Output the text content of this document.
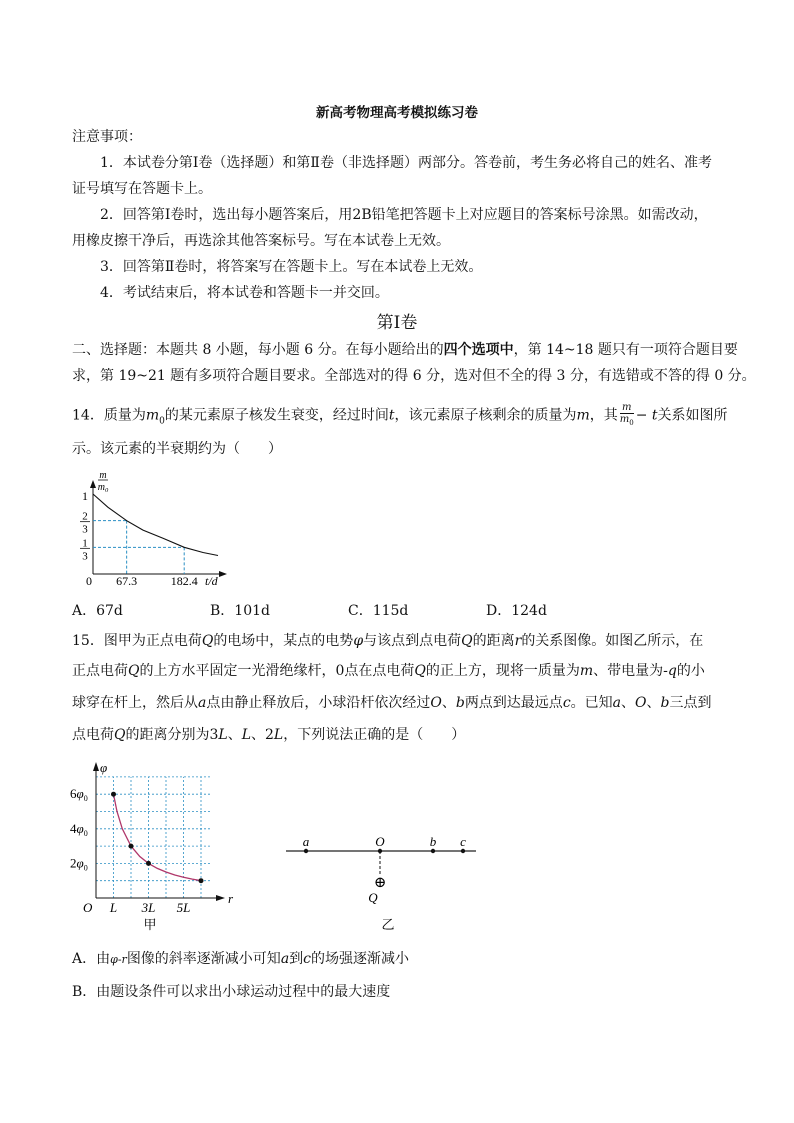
新高考物理高考模拟练习卷
注意事项：
1．本试卷分第Ⅰ卷（选择题）和第Ⅱ卷（非选择题）两部分。答卷前，考生务必将自己的姓名、准考
证号填写在答题卡上。
2．回答第Ⅰ卷时，选出每小题答案后，用2B铅笔把答题卡上对应题目的答案标号涂黑。如需改动，
用橡皮擦干净后，再选涂其他答案标号。写在本试卷上无效。
3．回答第Ⅱ卷时，将答案写在答题卡上。写在本试卷上无效。
4．考试结束后，将本试卷和答题卡一并交回。
第Ⅰ卷
二、选择题：本题共 8 小题，每小题 6 分。在每小题给出的四个选项中，第 14~18 题只有一项符合题目要
求，第 19~21 题有多项符合题目要求。全部选对的得 6 分，选对但不全的得 3 分，有选错或不答的得 0 分。
14．质量为$m_0$的某元素原子核发生衰变，经过时间t，该元素原子核剩余的质量为m，其 $\frac{m}{m_0} - t$关系如图所
示。该元素的半衰期约为（　　）
m
$m_0$
1
2
3
1
3
0 67.3	182.4 t/d
A．67d	B．101d	C．115d	D．124d
15．图甲为正点电荷Q的电场中，某点的电势φ与该点到点电荷Q的距离r的关系图像。如图乙所示，在
正点电荷Q的上方水平固定一光滑绝缘杆，0点在点电荷Q的正上方，现将一质量为m、带电量为-q的小
球穿在杆上，然后从a点由静止释放后，小球沿杆依次经过O、b两点到达最远点c。已知a、O、b三点到
点电荷Q的距离分别为3L、L、2L，下列说法正确的是（　　）
$6\varphi_0$
$4\varphi_0$
$2\varphi_0$
φ
O L 3L 5L
r
甲
a	O	b c
⊕
Q
乙
A．由φ-r图像的斜率逐渐减小可知a到c的场强逐渐减小
B．由题设条件可以求出小球运动过程中的最大速度
